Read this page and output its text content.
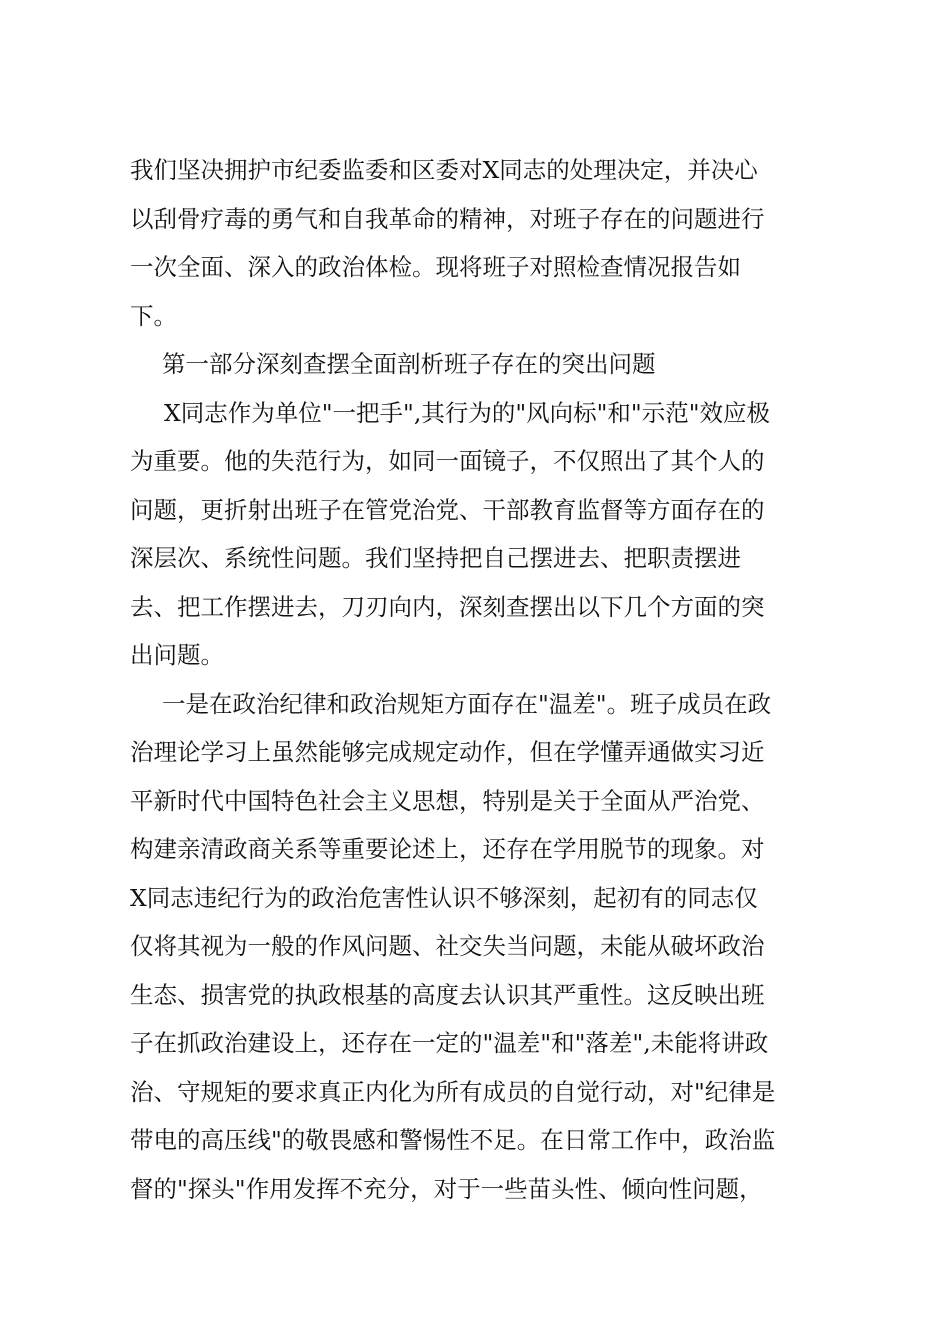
我们坚决拥护市纪委监委和区委对X同志的处理决定，并决心
以刮骨疗毒的勇气和自我革命的精神，对班子存在的问题进行
一次全面、深入的政治体检。现将班子对照检查情况报告如
下。
第一部分深刻查摆全面剖析班子存在的突出问题
X同志作为单位"一把手",其行为的"风向标"和"示范"效应极
为重要。他的失范行为，如同一面镜子，不仅照出了其个人的
问题，更折射出班子在管党治党、干部教育监督等方面存在的
深层次、系统性问题。我们坚持把自己摆进去、把职责摆进
去、把工作摆进去，刀刃向内，深刻查摆出以下几个方面的突
出问题。
一是在政治纪律和政治规矩方面存在"温差"。班子成员在政
治理论学习上虽然能够完成规定动作，但在学懂弄通做实习近
平新时代中国特色社会主义思想，特别是关于全面从严治党、
构建亲清政商关系等重要论述上，还存在学用脱节的现象。对
X同志违纪行为的政治危害性认识不够深刻，起初有的同志仅
仅将其视为一般的作风问题、社交失当问题，未能从破坏政治
生态、损害党的执政根基的高度去认识其严重性。这反映出班
子在抓政治建设上，还存在一定的"温差"和"落差",未能将讲政
治、守规矩的要求真正内化为所有成员的自觉行动，对"纪律是
带电的高压线"的敬畏感和警惕性不足。在日常工作中，政治监
督的"探头"作用发挥不充分，对于一些苗头性、倾向性问题，
